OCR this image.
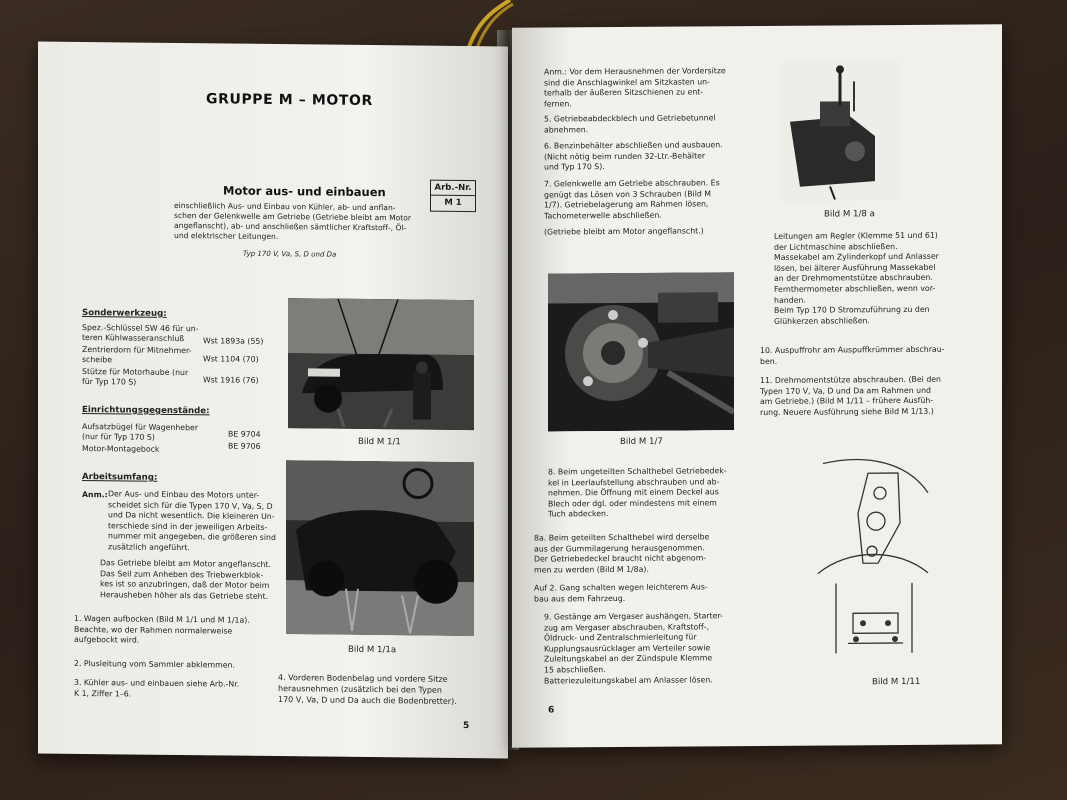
GRUPPE M – MOTOR
Motor aus- und einbauen	Arb.-Nr.
M 1
einschließlich Aus- und Einbau von Kühler, ab- und anflan-
schen der Gelenkwelle am Getriebe (Getriebe bleibt am Motor
angeflanscht), ab- und anschließen sämtlicher Kraftstoff-, Öl-
und elektrischer Leitungen.
Typ 170 V, Va, S, D und Da
Sonderwerkzeug:
Spez.-Schlüssel SW 46 für un-
teren Kühlwasseranschluß	Wst 1893a (55)
Zentrierdorn für Mitnehmer-
scheibe	Wst 1104 (70)
Stütze für Motorhaube (nur
für Typ 170 S)	Wst 1916 (76)
Einrichtungsgegenstände:
Aufsatzbügel für Wagenheber
(nur für Typ 170 S)	BE 9704
Motor-Montagebock	BE 9706
Arbeitsumfang:
Anm.: Der Aus- und Einbau des Motors unter-
scheidet sich für die Typen 170 V, Va, S, D
und Da nicht wesentlich. Die kleineren Un-
terschiede sind in der jeweiligen Arbeits-
nummer mit angegeben, die größeren sind
zusätzlich angeführt.
Das Getriebe bleibt am Motor angeflanscht.
Das Seil zum Anheben des Triebwerkblok-
kes ist so anzubringen, daß der Motor beim
Herausheben höher als das Getriebe steht.
1. Wagen aufbocken (Bild M 1/1 und M 1/1a).
Beachte, wo der Rahmen normalerweise
aufgebockt wird.
2. Plusleitung vom Sammler abklemmen.
3. Kühler aus- und einbauen siehe Arb.-Nr.
K 1, Ziffer 1–6.
Bild M 1/1
Bild M 1/1a
4. Vorderen Bodenbelag und vordere Sitze
herausnehmen (zusätzlich bei den Typen
170 V, Va, D und Da auch die Bodenbretter).
5
Anm.: Vor dem Herausnehmen der Vordersitze
sind die Anschlagwinkel am Sitzkasten un-
terhalb der äußeren Sitzschienen zu ent-
fernen.
5. Getriebeabdeckblech und Getriebetunnel
abnehmen.
6. Benzinbehälter abschließen und ausbauen.
(Nicht nötig beim runden 32-Ltr.-Behälter
und Typ 170 S).
7. Gelenkwelle am Getriebe abschrauben. Es
genügt das Lösen von 3 Schrauben (Bild M
1/7). Getriebelagerung am Rahmen lösen,
Tachometerwelle abschließen.
(Getriebe bleibt am Motor angeflanscht.)
Bild M 1/8 a
Leitungen am Regler (Klemme 51 und 61)
der Lichtmaschine abschließen.
Massekabel am Zylinderkopf und Anlasser
lösen, bei älterer Ausführung Massekabel
an der Drehmomentstütze abschrauben.
Fernthermometer abschließen, wenn vor-
handen.
Beim Typ 170 D Stromzuführung zu den
Glühkerzen abschließen.
10. Auspuffrohr am Auspuffkrümmer abschrau-
ben.
11. Drehmomentstütze abschrauben. (Bei den
Typen 170 V, Va, D und Da am Rahmen und
am Getriebe.) (Bild M 1/11 – frühere Ausfüh-
rung. Neuere Ausführung siehe Bild M 1/13.)
Bild M 1/7
8. Beim ungeteilten Schalthebel Getriebedek-
kel in Leerlaufstellung abschrauben und ab-
nehmen. Die Öffnung mit einem Deckel aus
Blech oder dgl. oder mindestens mit einem
Tuch abdecken.
8a. Beim geteilten Schalthebel wird derselbe
aus der Gummilagerung herausgenommen.
Der Getriebedeckel braucht nicht abgenom-
men zu werden (Bild M 1/8a).
Auf 2. Gang schalten wegen leichterem Aus-
bau aus dem Fahrzeug.
9. Gestänge am Vergaser aushängen, Starter-
zug am Vergaser abschrauben, Kraftstoff-,
Öldruck- und Zentralschmierleitung für
Kupplungsausrücklager am Verteiler sowie
Zuleitungskabel an der Zündspule Klemme
15 abschließen.
Batteriezuleitungskabel am Anlasser lösen.	Bild M 1/11
6
